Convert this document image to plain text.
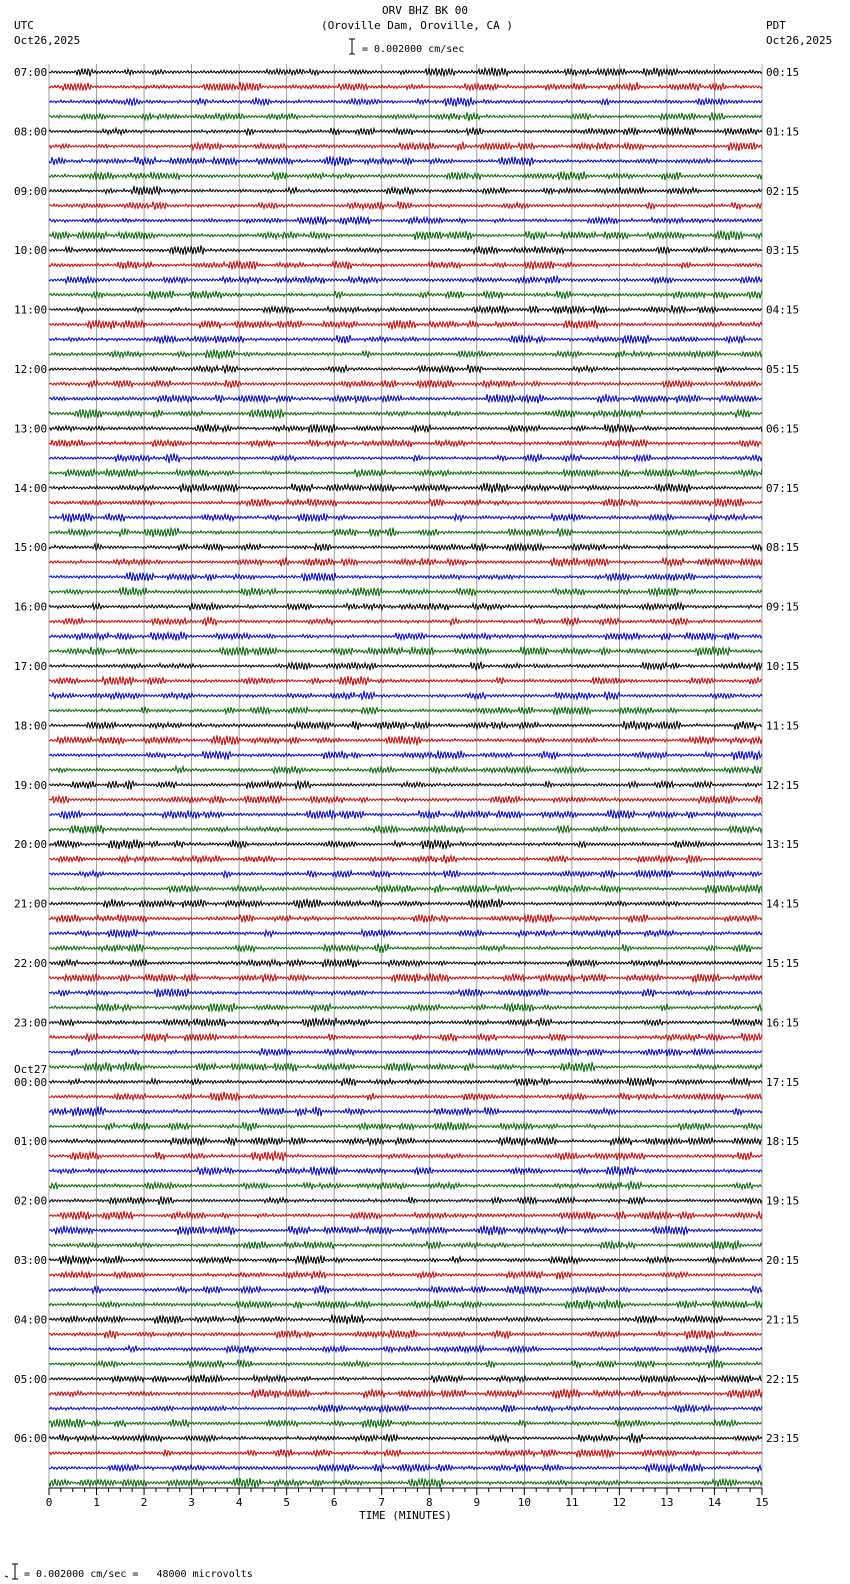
ORV BHZ BK 00
(Oroville Dam, Oroville, CA )
UTC
Oct26,2025
PDT
Oct26,2025
= 0.002000 cm/sec
= 0.002000 cm/sec =   48000 microvolts
0	1	2	3	4	5	6	7	8	9	10	11	12	13	14	15
TIME (MINUTES)
07:00
08:00
09:00
10:00
11:00
12:00
13:00
14:00
15:00
16:00
17:00
18:00
19:00
20:00
21:00
22:00
23:00
Oct27
00:00
01:00
02:00
03:00
04:00
05:00
06:00
00:15
01:15
02:15
03:15
04:15
05:15
06:15
07:15
08:15
09:15
10:15
11:15
12:15
13:15
14:15
15:15
16:15
17:15
18:15
19:15
20:15
21:15
22:15
23:15
